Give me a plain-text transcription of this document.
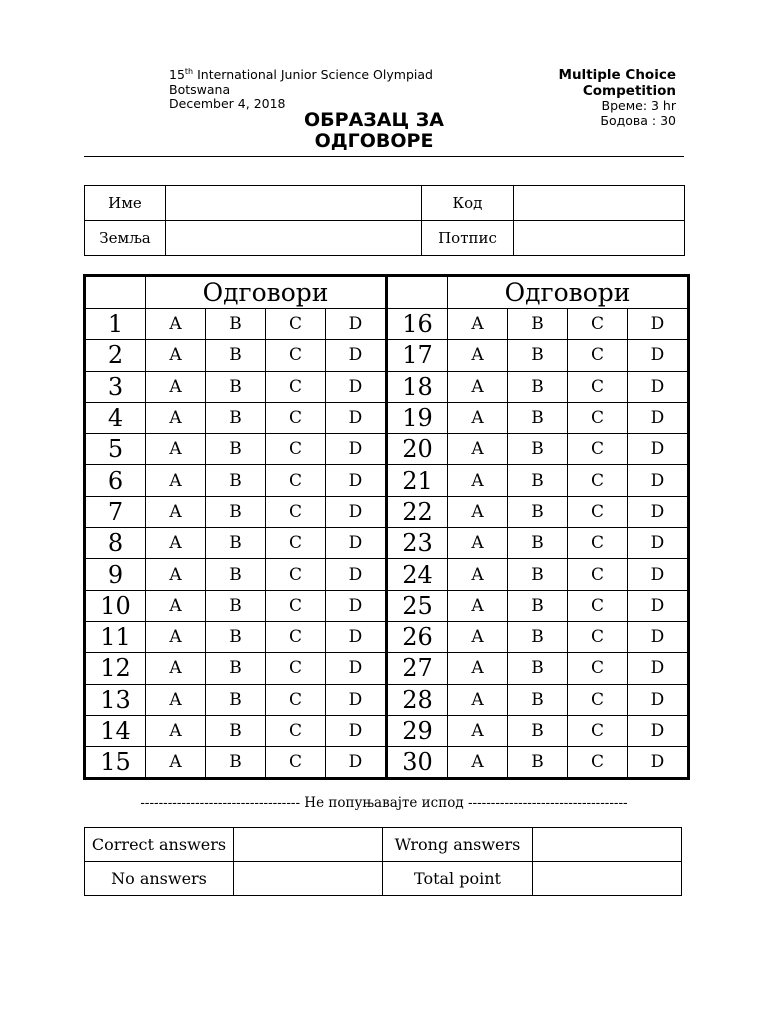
15th International Junior Science Olympiad
Botswana
December 4, 2018
Multiple Choice
Competition
Време: 3 hr
Бодова : 30
ОБРАЗАЦ ЗА
ОДГОВОРЕ
Име		Код	
Земља		Потпис	
	Одговори					Одговори			
1	A	B	C	D	16	A	B	C	D
2	A	B	C	D	17	A	B	C	D
3	A	B	C	D	18	A	B	C	D
4	A	B	C	D	19	A	B	C	D
5	A	B	C	D	20	A	B	C	D
6	A	B	C	D	21	A	B	C	D
7	A	B	C	D	22	A	B	C	D
8	A	B	C	D	23	A	B	C	D
9	A	B	C	D	24	A	B	C	D
10	A	B	C	D	25	A	B	C	D
11	A	B	C	D	26	A	B	C	D
12	A	B	C	D	27	A	B	C	D
13	A	B	C	D	28	A	B	C	D
14	A	B	C	D	29	A	B	C	D
15	A	B	C	D	30	A	B	C	D
----------------------------------- Не попуњавајте испод -----------------------------------
Correct answers		Wrong answers	
No answers		Total point	
